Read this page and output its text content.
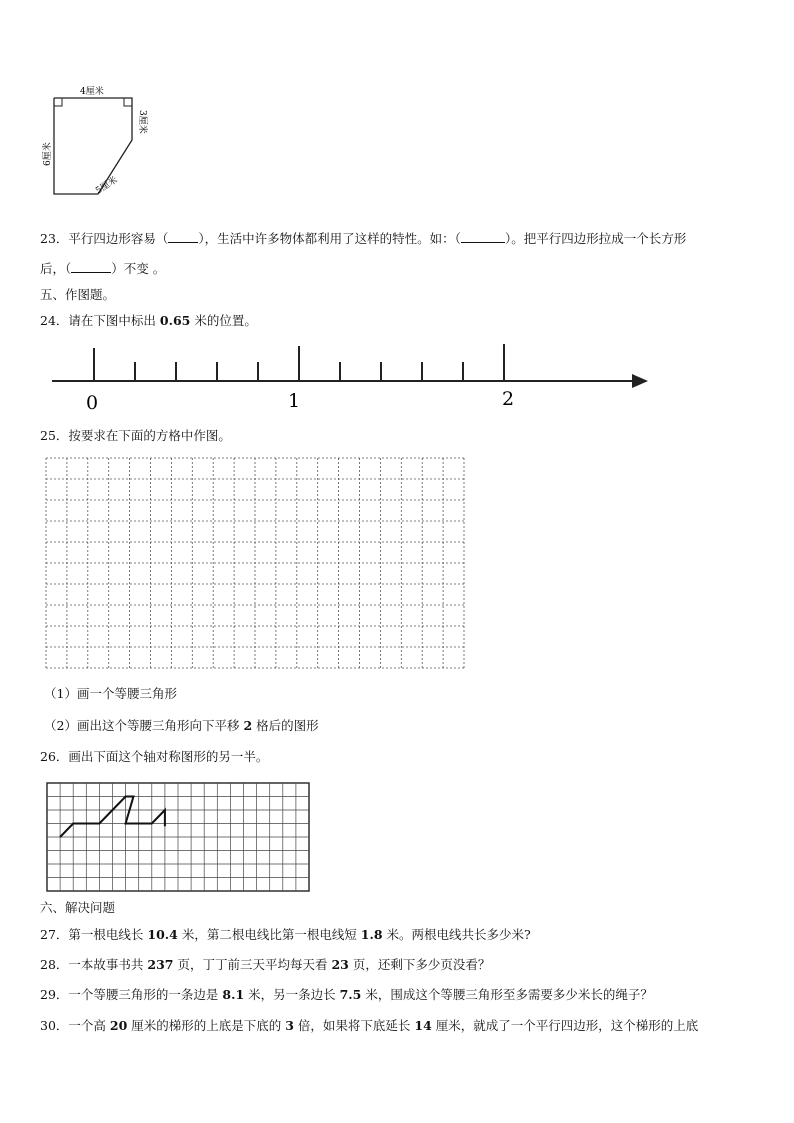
4厘米
3厘米
6厘米
5厘米
23．平行四边形容易（ ），生活中许多物体都利用了这样的特性。如：（	）。把平行四边形拉成一个长方形
后，（	）不变 。
五、作图题。
24．请在下图中标出 0.65 米的位置。
0	1	2
25．按要求在下面的方格中作图。
（1）画一个等腰三角形
（2）画出这个等腰三角形向下平移 2 格后的图形
26．画出下面这个轴对称图形的另一半。
六、解决问题
27．第一根电线长 10.4 米，第二根电线比第一根电线短 1.8 米。两根电线共长多少米?
28．一本故事书共 237 页，丁丁前三天平均每天看 23 页，还剩下多少页没看？
29．一个等腰三角形的一条边是 8.1 米，另一条边长 7.5 米，围成这个等腰三角形至多需要多少米长的绳子？
30．一个高 20 厘米的梯形的上底是下底的 3 倍，如果将下底延长 14 厘米，就成了一个平行四边形，这个梯形的上底
